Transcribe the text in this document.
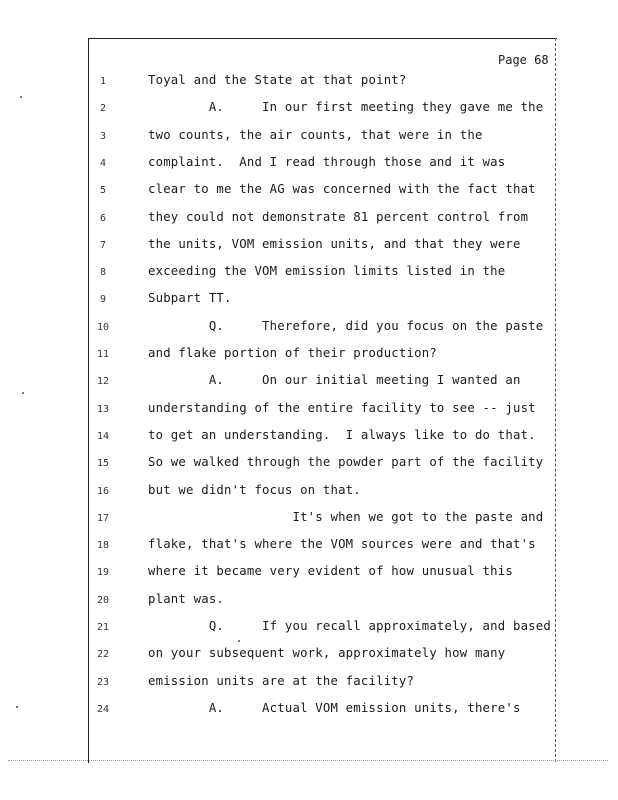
Page 68
1	Toyal and the State at that point?
2	A.     In our first meeting they gave me the
3	two counts, the air counts, that were in the
4	complaint.  And I read through those and it was
5	clear to me the AG was concerned with the fact that
6	they could not demonstrate 81 percent control from
7	the units, VOM emission units, and that they were
8	exceeding the VOM emission limits listed in the
9	Subpart TT.
10	Q.     Therefore, did you focus on the paste
11	and flake portion of their production?
12	A.     On our initial meeting I wanted an
13	understanding of the entire facility to see -- just
14	to get an understanding.  I always like to do that.
15	So we walked through the powder part of the facility
16	but we didn't focus on that.
17	It's when we got to the paste and
18	flake, that's where the VOM sources were and that's
19	where it became very evident of how unusual this
20	plant was.
21	Q.     If you recall approximately, and based
22	on your subsequent work, approximately how many
23	emission units are at the facility?
24	A.     Actual VOM emission units, there's
